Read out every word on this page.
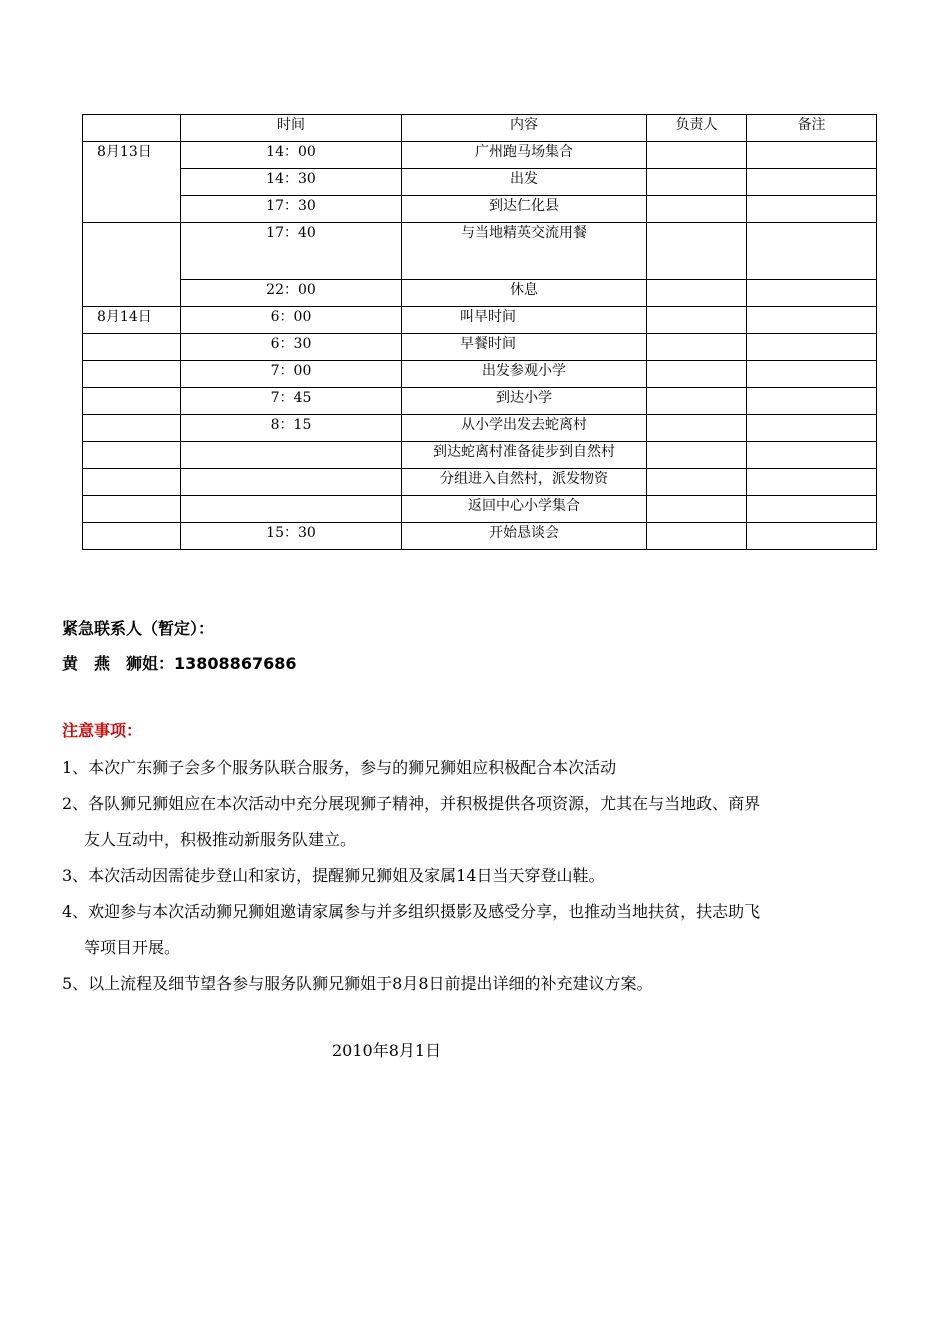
	时间	内容	负责人	备注
8月13日	14：00	广州跑马场集合		
	14：30	出发		
	17：30	到达仁化县		
	17：40	与当地精英交流用餐		
	22：00	休息		
8月14日	6：00	叫早时间		
	6：30	早餐时间		
	7：00	出发参观小学		
	7：45	到达小学		
	8：15	从小学出发去蛇离村		
		到达蛇离村准备徒步到自然村		
		分组进入自然村，派发物资		
		返回中心小学集合		
	15：30	开始恳谈会		
紧急联系人（暂定）：
黄　燕 狮姐：13808867686
注意事项：

1、本次广东狮子会多个服务队联合服务，参与的狮兄狮姐应积极配合本次活动

2、各队狮兄狮姐应在本次活动中充分展现狮子精神，并积极提供各项资源，尤其在与当地政、商界
友人互动中，积极推动新服务队建立。

3、本次活动因需徒步登山和家访，提醒狮兄狮姐及家属14日当天穿登山鞋。

4、欢迎参与本次活动狮兄狮姐邀请家属参与并多组织摄影及感受分享，也推动当地扶贫，扶志助飞
等项目开展。

5、以上流程及细节望各参与服务队狮兄狮姐于8月8日前提出详细的补充建议方案。

2010年8月1日
